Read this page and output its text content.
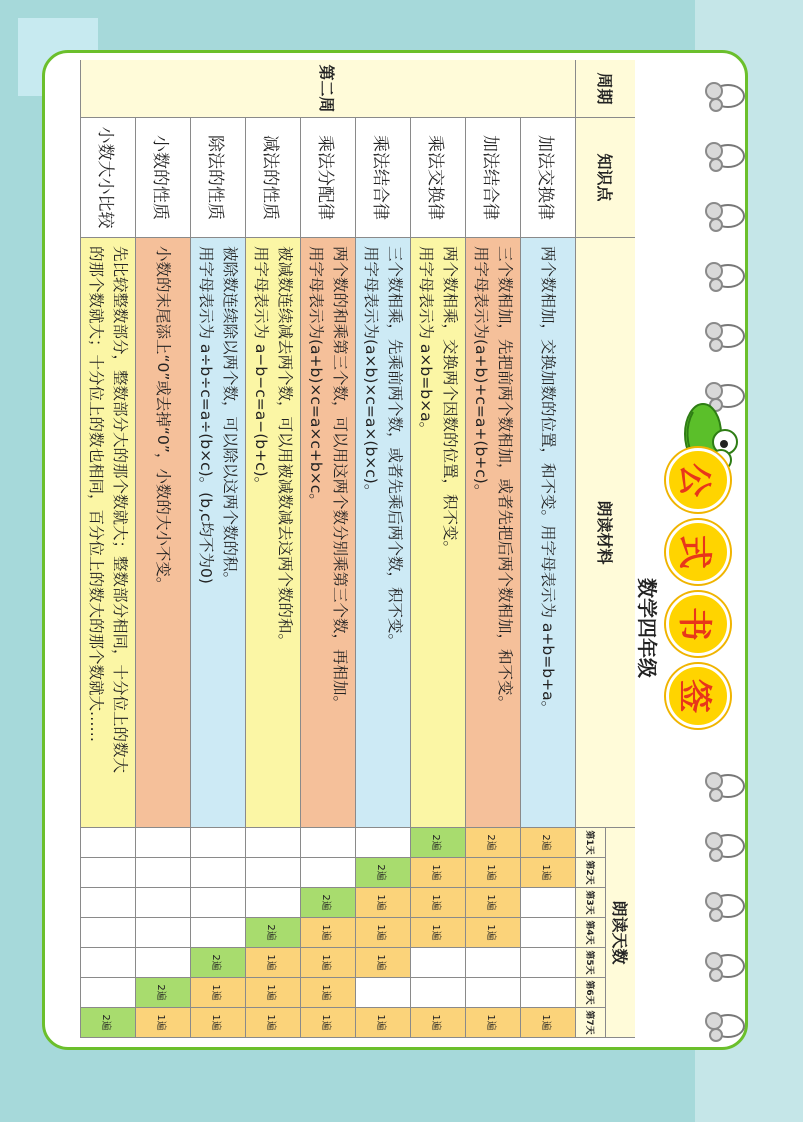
公
式
书
签
数学四年级
周期
知识点
朗读材料
朗读天数
第1天
第2天
第3天
第4天
第5天
第6天
第7天
第二周
加法交换律
两个数相加，交换加数的位置，和不变。用字母表示为 a+b=b+a。
2遍
1遍
1遍
加法结合律
三个数相加，先把前两个数相加，或者先把后两个数相加，和不变。
用字母表示为(a+b)+c=a+(b+c)。
2遍
1遍
1遍
1遍
1遍
乘法交换律
两个数相乘，交换两个因数的位置，积不变。
用字母表示为 a×b=b×a。
2遍
1遍
1遍
1遍
1遍
乘法结合律
三个数相乘，先乘前两个数，或者先乘后两个数，积不变。
用字母表示为(a×b)×c=a×(b×c)。
2遍
1遍
1遍
1遍
1遍
乘法分配律
两个数的和乘第三个数，可以用这两个数分别乘第三个数，再相加。
用字母表示为(a+b)×c=a×c+b×c。
2遍
1遍
1遍
1遍
1遍
减法的性质
被减数连续减去两个数，可以用被减数减去这两个数的和。
用字母表示为 a−b−c=a−(b+c)。
2遍
1遍
1遍
1遍
除法的性质
被除数连续除以两个数，可以除以这两个数的积。
用字母表示为 a÷b÷c=a÷(b×c)。(b,c均不为0)
2遍
1遍
1遍
小数的性质
小数的末尾添上“0”或去掉“0”，小数的大小不变。
2遍
1遍
小数大小比较
先比较整数部分，整数部分大的那个数就大；整数部分相同，十分位上的数大
的那个数就大；十分位上的数也相同，百分位上的数大的那个数就大……
2遍
